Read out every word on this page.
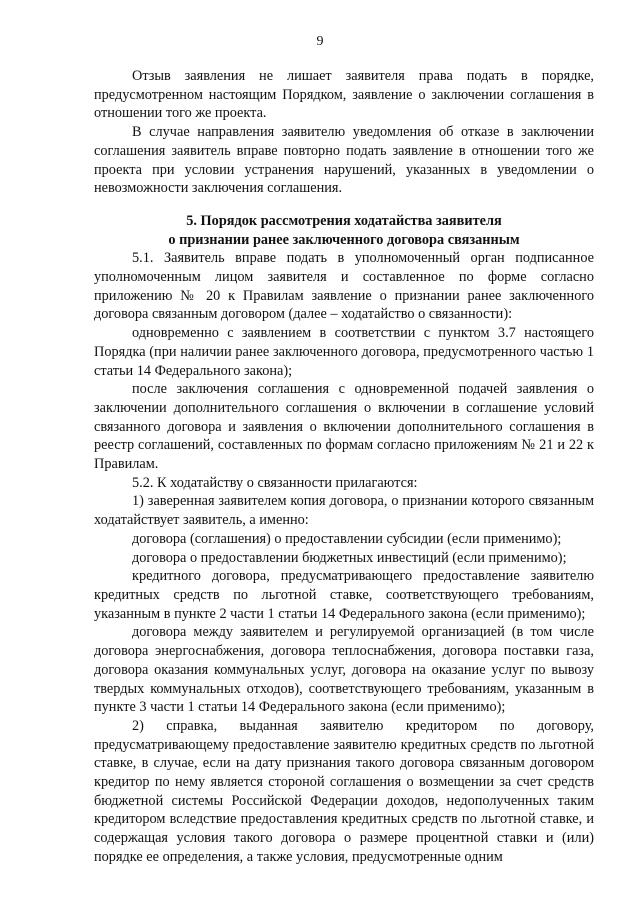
9

Отзыв заявления не лишает заявителя права подать в порядке, предусмотренном настоящим Порядком, заявление о заключении соглашения в отношении того же проекта.

В случае направления заявителю уведомления об отказе в заключении соглашения заявитель вправе повторно подать заявление в отношении того же проекта при условии устранения нарушений, указанных в уведомлении о невозможности заключения соглашения.

5. Порядок рассмотрения ходатайства заявителя
о признании ранее заключенного договора связанным

5.1. Заявитель вправе подать в уполномоченный орган подписанное уполномоченным лицом заявителя и составленное по форме согласно приложению № 20 к Правилам заявление о признании ранее заключенного договора связанным договором (далее – ходатайство о связанности):

одновременно с заявлением в соответствии с пунктом 3.7 настоящего Порядка (при наличии ранее заключенного договора, предусмотренного частью 1 статьи 14 Федерального закона);

после заключения соглашения с одновременной подачей заявления о заключении дополнительного соглашения о включении в соглашение условий связанного договора и заявления о включении дополнительного соглашения в реестр соглашений, составленных по формам согласно приложениям № 21 и 22 к Правилам.

5.2. К ходатайству о связанности прилагаются:

1) заверенная заявителем копия договора, о признании которого связанным ходатайствует заявитель, а именно:

договора (соглашения) о предоставлении субсидии (если применимо);

договора о предоставлении бюджетных инвестиций (если применимо);

кредитного договора, предусматривающего предоставление заявителю кредитных средств по льготной ставке, соответствующего требованиям, указанным в пункте 2 части 1 статьи 14 Федерального закона (если применимо);

договора между заявителем и регулируемой организацией (в том числе договора энергоснабжения, договора теплоснабжения, договора поставки газа, договора оказания коммунальных услуг, договора на оказание услуг по вывозу твердых коммунальных отходов), соответствующего требованиям, указанным в пункте 3 части 1 статьи 14 Федерального закона (если применимо);

2) справка, выданная заявителю кредитором по договору, предусматривающему предоставление заявителю кредитных средств по льготной ставке, в случае, если на дату признания такого договора связанным договором кредитор по нему является стороной соглашения о возмещении за счет средств бюджетной системы Российской Федерации доходов, недополученных таким кредитором вследствие предоставления кредитных средств по льготной ставке, и содержащая условия такого договора о размере процентной ставки и (или) порядке ее определения, а также условия, предусмотренные одним
